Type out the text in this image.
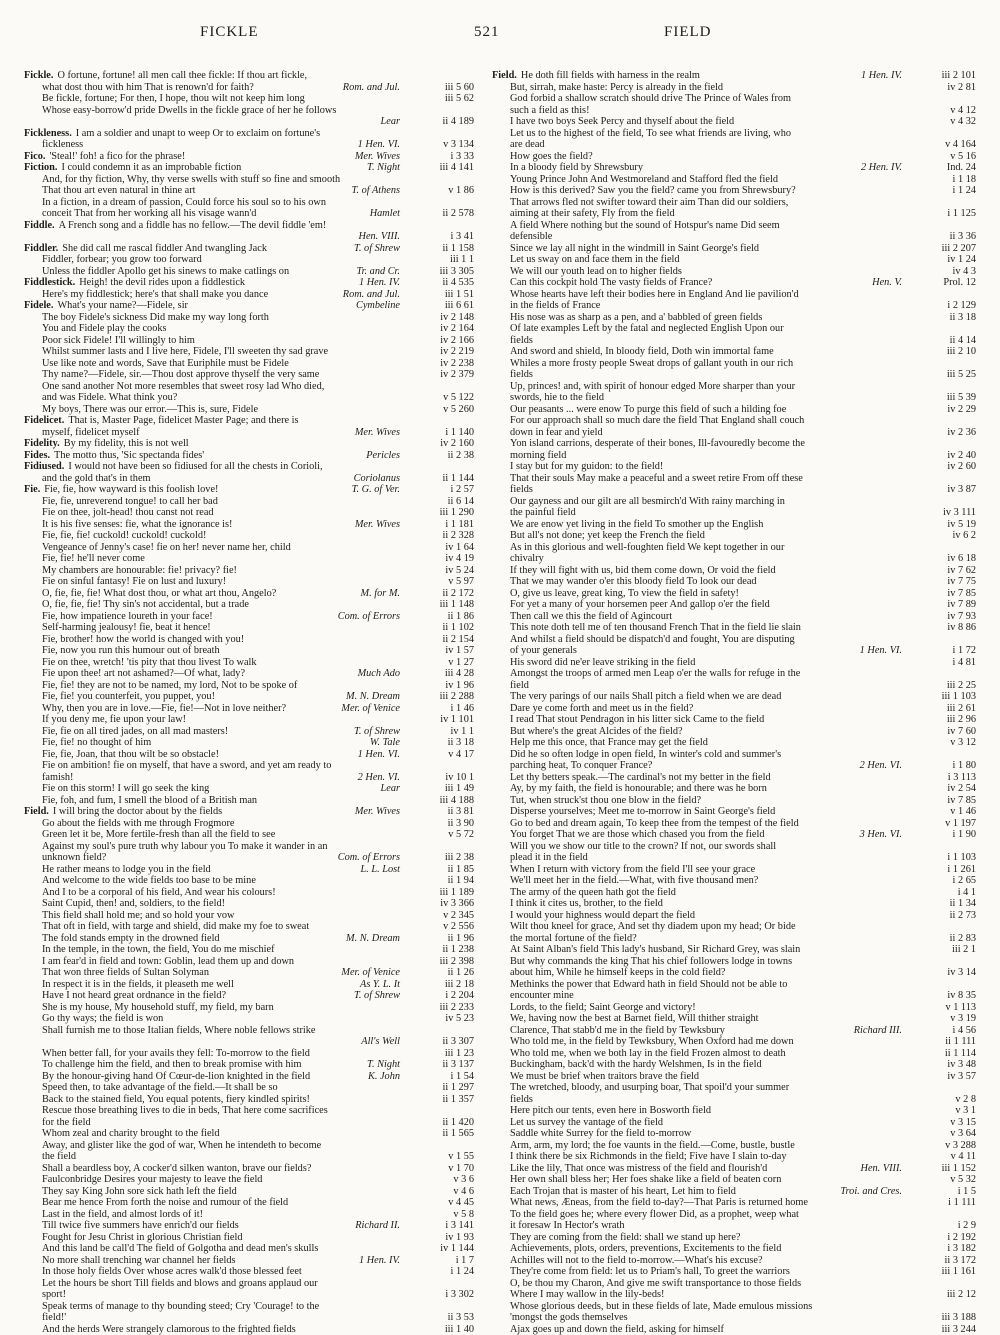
FICKLE	521	FIELD
Fickle. O fortune, fortune! all men call thee fickle: If thou art fickle,
what dost thou with him That is renown'd for faith?	Rom. and Jul.	iii 5 60
Be fickle, fortune; For then, I hope, thou wilt not keep him long	iii 5 62
Whose easy-borrow'd pride Dwells in the fickle grace of her he follows
Lear	ii 4 189
Fickleness. I am a soldier and unapt to weep Or to exclaim on fortune's
fickleness	1 Hen. VI.	v 3 134
Fico. 'Steal!' foh! a fico for the phrase!	Mer. Wives	i 3 33
Fiction. I could condemn it as an improbable fiction	T. Night	iii 4 141
And, for thy fiction, Why, thy verse swells with stuff so fine and smooth
That thou art even natural in thine art	T. of Athens	v 1 86
In a fiction, in a dream of passion, Could force his soul so to his own
conceit That from her working all his visage wann'd	Hamlet	ii 2 578
Fiddle. A French song and a fiddle has no fellow.—The devil fiddle 'em!
Hen. VIII.	i 3 41
Fiddler. She did call me rascal fiddler And twangling Jack	T. of Shrew	ii 1 158
Fiddler, forbear; you grow too forward	iii 1 1
Unless the fiddler Apollo get his sinews to make catlings on	Tr. and Cr.	iii 3 305
Fiddlestick. Heigh! the devil rides upon a fiddlestick	1 Hen. IV.	ii 4 535
Here's my fiddlestick; here's that shall make you dance	Rom. and Jul.	iii 1 51
Fidele. What's your name?—Fidele, sir	Cymbeline	iii 6 61
The boy Fidele's sickness Did make my way long forth	iv 2 148
You and Fidele play the cooks	iv 2 164
Poor sick Fidele! I'll willingly to him	iv 2 166
Whilst summer lasts and I live here, Fidele, I'll sweeten thy sad grave	iv 2 219
Use like note and words, Save that Euriphile must be Fidele	iv 2 238
Thy name?—Fidele, sir.—Thou dost approve thyself the very same	iv 2 379
One sand another Not more resembles that sweet rosy lad Who died,
and was Fidele. What think you?	v 5 122
My boys, There was our error.—This is, sure, Fidele	v 5 260
Fidelicet. That is, Master Page, fidelicet Master Page; and there is
myself, fidelicet myself	Mer. Wives	i 1 140
Fidelity. By my fidelity, this is not well	iv 2 160
Fides. The motto thus, 'Sic spectanda fides'	Pericles	ii 2 38
Fidiused. I would not have been so fidiused for all the chests in Corioli,
and the gold that's in them	Coriolanus	ii 1 144
Fie. Fie, fie, how wayward is this foolish love!	T. G. of Ver.	i 2 57
Fie, fie, unreverend tongue! to call her bad	ii 6 14
Fie on thee, jolt-head! thou canst not read	iii 1 290
It is his five senses: fie, what the ignorance is!	Mer. Wives	i 1 181
Fie, fie, fie! cuckold! cuckold! cuckold!	ii 2 328
Vengeance of Jenny's case! fie on her! never name her, child	iv 1 64
Fie, fie! he'll never come	iv 4 19
My chambers are honourable: fie! privacy? fie!	iv 5 24
Fie on sinful fantasy! Fie on lust and luxury!	v 5 97
O, fie, fie, fie! What dost thou, or what art thou, Angelo?	M. for M.	ii 2 172
O, fie, fie, fie! Thy sin's not accidental, but a trade	iii 1 148
Fie, how impatience loureth in your face!	Com. of Errors	ii 1 86
Self-harming jealousy! fie, beat it hence!	ii 1 102
Fie, brother! how the world is changed with you!	ii 2 154
Fie, now you run this humour out of breath	iv 1 57
Fie on thee, wretch! 'tis pity that thou livest To walk	v 1 27
Fie upon thee! art not ashamed?—Of what, lady?	Much Ado	iii 4 28
Fie, fie! they are not to be named, my lord, Not to be spoke of	iv 1 96
Fie, fie! you counterfeit, you puppet, you!	M. N. Dream	iii 2 288
Why, then you are in love.—Fie, fie!—Not in love neither?	Mer. of Venice	i 1 46
If you deny me, fie upon your law!	iv 1 101
Fie, fie on all tired jades, on all mad masters!	T. of Shrew	iv 1 1
Fie, fie! no thought of him	W. Tale	ii 3 18
Fie, fie, Joan, that thou wilt be so obstacle!	1 Hen. VI.	v 4 17
Fie on ambition! fie on myself, that have a sword, and yet am ready to
famish!	2 Hen. VI.	iv 10 1
Fie on this storm! I will go seek the king	Lear	iii 1 49
Fie, foh, and fum, I smell the blood of a British man	iii 4 188
Field. I will bring the doctor about by the fields	Mer. Wives	ii 3 81
Go about the fields with me through Frogmore	ii 3 90
Green let it be, More fertile-fresh than all the field to see	v 5 72
Against my soul's pure truth why labour you To make it wander in an
unknown field?	Com. of Errors	iii 2 38
He rather means to lodge you in the field	L. L. Lost	ii 1 85
And welcome to the wide fields too base to be mine	ii 1 94
And I to be a corporal of his field, And wear his colours!	iii 1 189
Saint Cupid, then! and, soldiers, to the field!	iv 3 366
This field shall hold me; and so hold your vow	v 2 345
That oft in field, with targe and shield, did make my foe to sweat	v 2 556
The fold stands empty in the drowned field	M. N. Dream	ii 1 96
In the temple, in the town, the field, You do me mischief	ii 1 238
I am fear'd in field and town: Goblin, lead them up and down	iii 2 398
That won three fields of Sultan Solyman	Mer. of Venice	ii 1 26
In respect it is in the fields, it pleaseth me well	As Y. L. It	iii 2 18
Have I not heard great ordnance in the field?	T. of Shrew	i 2 204
She is my house, My household stuff, my field, my barn	iii 2 233
Go thy ways; the field is won	iv 5 23
Shall furnish me to those Italian fields, Where noble fellows strike
All's Well	ii 3 307
When better fall, for your avails they fell: To-morrow to the field	iii 1 23
To challenge him the field, and then to break promise with him	T. Night	ii 3 137
By the honour-giving hand Of Cœur-de-lion knighted in the field	K. John	i 1 54
Speed then, to take advantage of the field.—It shall be so	ii 1 297
Back to the stained field, You equal potents, fiery kindled spirits!	ii 1 357
Rescue those breathing lives to die in beds, That here come sacrifices
for the field	ii 1 420
Whom zeal and charity brought to the field	ii 1 565
Away, and glister like the god of war, When he intendeth to become
the field	v 1 55
Shall a beardless boy, A cocker'd silken wanton, brave our fields?	v 1 70
Faulconbridge Desires your majesty to leave the field	v 3 6
They say King John sore sick hath left the field	v 4 6
Bear me hence From forth the noise and rumour of the field	v 4 45
Last in the field, and almost lords of it!	v 5 8
Till twice five summers have enrich'd our fields	Richard II.	i 3 141
Fought for Jesu Christ in glorious Christian field	iv 1 93
And this land be call'd The field of Golgotha and dead men's skulls	iv 1 144
No more shall trenching war channel her fields	1 Hen. IV.	i 1 7
In those holy fields Over whose acres walk'd those blessed feet	i 1 24
Let the hours be short Till fields and blows and groans applaud our
sport!	i 3 302
Speak terms of manage to thy bounding steed; Cry 'Courage! to the
field!'	ii 3 53
And the herds Were strangely clamorous to the frighted fields	iii 1 40
Field. He doth fill fields with harness in the realm	1 Hen. IV.	iii 2 101
But, sirrah, make haste: Percy is already in the field	iv 2 81
God forbid a shallow scratch should drive The Prince of Wales from
such a field as this!	v 4 12
I have two boys Seek Percy and thyself about the field	v 4 32
Let us to the highest of the field, To see what friends are living, who
are dead	v 4 164
How goes the field?	v 5 16
In a bloody field by Shrewsbury	2 Hen. IV.	Ind. 24
Young Prince John And Westmoreland and Stafford fled the field	i 1 18
How is this derived? Saw you the field? came you from Shrewsbury?	i 1 24
That arrows fled not swifter toward their aim Than did our soldiers,
aiming at their safety, Fly from the field	i 1 125
A field Where nothing but the sound of Hotspur's name Did seem
defensible	ii 3 36
Since we lay all night in the windmill in Saint George's field	iii 2 207
Let us sway on and face them in the field	iv 1 24
We will our youth lead on to higher fields	iv 4 3
Can this cockpit hold The vasty fields of France?	Hen. V.	Prol. 12
Whose hearts have left their bodies here in England And lie pavilion'd
in the fields of France	i 2 129
His nose was as sharp as a pen, and a' babbled of green fields	ii 3 18
Of late examples Left by the fatal and neglected English Upon our
fields	ii 4 14
And sword and shield, In bloody field, Doth win immortal fame	iii 2 10
Whiles a more frosty people Sweat drops of gallant youth in our rich
fields	iii 5 25
Up, princes! and, with spirit of honour edged More sharper than your
swords, hie to the field	iii 5 39
Our peasants ... were enow To purge this field of such a hilding foe	iv 2 29
For our approach shall so much dare the field That England shall couch
down in fear and yield	iv 2 36
Yon island carrions, desperate of their bones, Ill-favouredly become the
morning field	iv 2 40
I stay but for my guidon: to the field!	iv 2 60
That their souls May make a peaceful and a sweet retire From off these
fields	iv 3 87
Our gayness and our gilt are all besmirch'd With rainy marching in
the painful field	iv 3 111
We are enow yet living in the field To smother up the English	iv 5 19
But all's not done; yet keep the French the field	iv 6 2
As in this glorious and well-foughten field We kept together in our
chivalry	iv 6 18
If they will fight with us, bid them come down, Or void the field	iv 7 62
That we may wander o'er this bloody field To look our dead	iv 7 75
O, give us leave, great king, To view the field in safety!	iv 7 85
For yet a many of your horsemen peer And gallop o'er the field	iv 7 89
Then call we this the field of Agincourt	iv 7 93
This note doth tell me of ten thousand French That in the field lie slain	iv 8 86
And whilst a field should be dispatch'd and fought, You are disputing
of your generals	1 Hen. VI.	i 1 72
His sword did ne'er leave striking in the field	i 4 81
Amongst the troops of armed men Leap o'er the walls for refuge in the
field	iii 2 25
The very parings of our nails Shall pitch a field when we are dead	iii 1 103
Dare ye come forth and meet us in the field?	iii 2 61
I read That stout Pendragon in his litter sick Came to the field	iii 2 96
But where's the great Alcides of the field?	iv 7 60
Help me this once, that France may get the field	v 3 12
Did he so often lodge in open field, In winter's cold and summer's
parching heat, To conquer France?	2 Hen. VI.	i 1 80
Let thy betters speak.—The cardinal's not my better in the field	i 3 113
Ay, by my faith, the field is honourable; and there was he born	iv 2 54
Tut, when struck'st thou one blow in the field?	iv 7 85
Disperse yourselves; Meet me to-morrow in Saint George's field	v 1 46
Go to bed and dream again, To keep thee from the tempest of the field	v 1 197
You forget That we are those which chased you from the field	3 Hen. VI.	i 1 90
Will you we show our title to the crown? If not, our swords shall
plead it in the field	i 1 103
When I return with victory from the field I'll see your grace	i 1 261
We'll meet her in the field.—What, with five thousand men?	i 2 65
The army of the queen hath got the field	i 4 1
I think it cites us, brother, to the field	ii 1 34
I would your highness would depart the field	ii 2 73
Wilt thou kneel for grace, And set thy diadem upon my head; Or bide
the mortal fortune of the field?	ii 2 83
At Saint Alban's field This lady's husband, Sir Richard Grey, was slain	iii 2 1
But why commands the king That his chief followers lodge in towns
about him, While he himself keeps in the cold field?	iv 3 14
Methinks the power that Edward hath in field Should not be able to
encounter mine	iv 8 35
Lords, to the field; Saint George and victory!	v 1 113
We, having now the best at Barnet field, Will thither straight	v 3 19
Clarence, That stabb'd me in the field by Tewksbury	Richard III.	i 4 56
Who told me, in the field by Tewksbury, When Oxford had me down	ii 1 111
Who told me, when we both lay in the field Frozen almost to death	ii 1 114
Buckingham, back'd with the hardy Welshmen, Is in the field	iv 3 48
We must be brief when traitors brave the field	iv 3 57
The wretched, bloody, and usurping boar, That spoil'd your summer
fields	v 2 8
Here pitch our tents, even here in Bosworth field	v 3 1
Let us survey the vantage of the field	v 3 15
Saddle white Surrey for the field to-morrow	v 3 64
Arm, arm, my lord; the foe vaunts in the field.—Come, bustle, bustle	v 3 288
I think there be six Richmonds in the field; Five have I slain to-day	v 4 11
Like the lily, That once was mistress of the field and flourish'd	Hen. VIII.	iii 1 152
Her own shall bless her; Her foes shake like a field of beaten corn	v 5 32
Each Trojan that is master of his heart, Let him to field	Troi. and Cres.	i 1 5
What news, Æneas, from the field to-day?—That Paris is returned home	i 1 111
To the field goes he; where every flower Did, as a prophet, weep what
it foresaw In Hector's wrath	i 2 9
They are coming from the field: shall we stand up here?	i 2 192
Achievements, plots, orders, preventions, Excitements to the field	i 3 182
Achilles will not to the field to-morrow.—What's his excuse?	ii 3 172
They're come from field: let us to Priam's hall, To greet the warriors	iii 1 161
O, be thou my Charon, And give me swift transportance to those fields
Where I may wallow in the lily-beds!	iii 2 12
Whose glorious deeds, but in these fields of late, Made emulous missions
'mongst the gods themselves	iii 3 188
Ajax goes up and down the field, asking for himself	iii 3 244
